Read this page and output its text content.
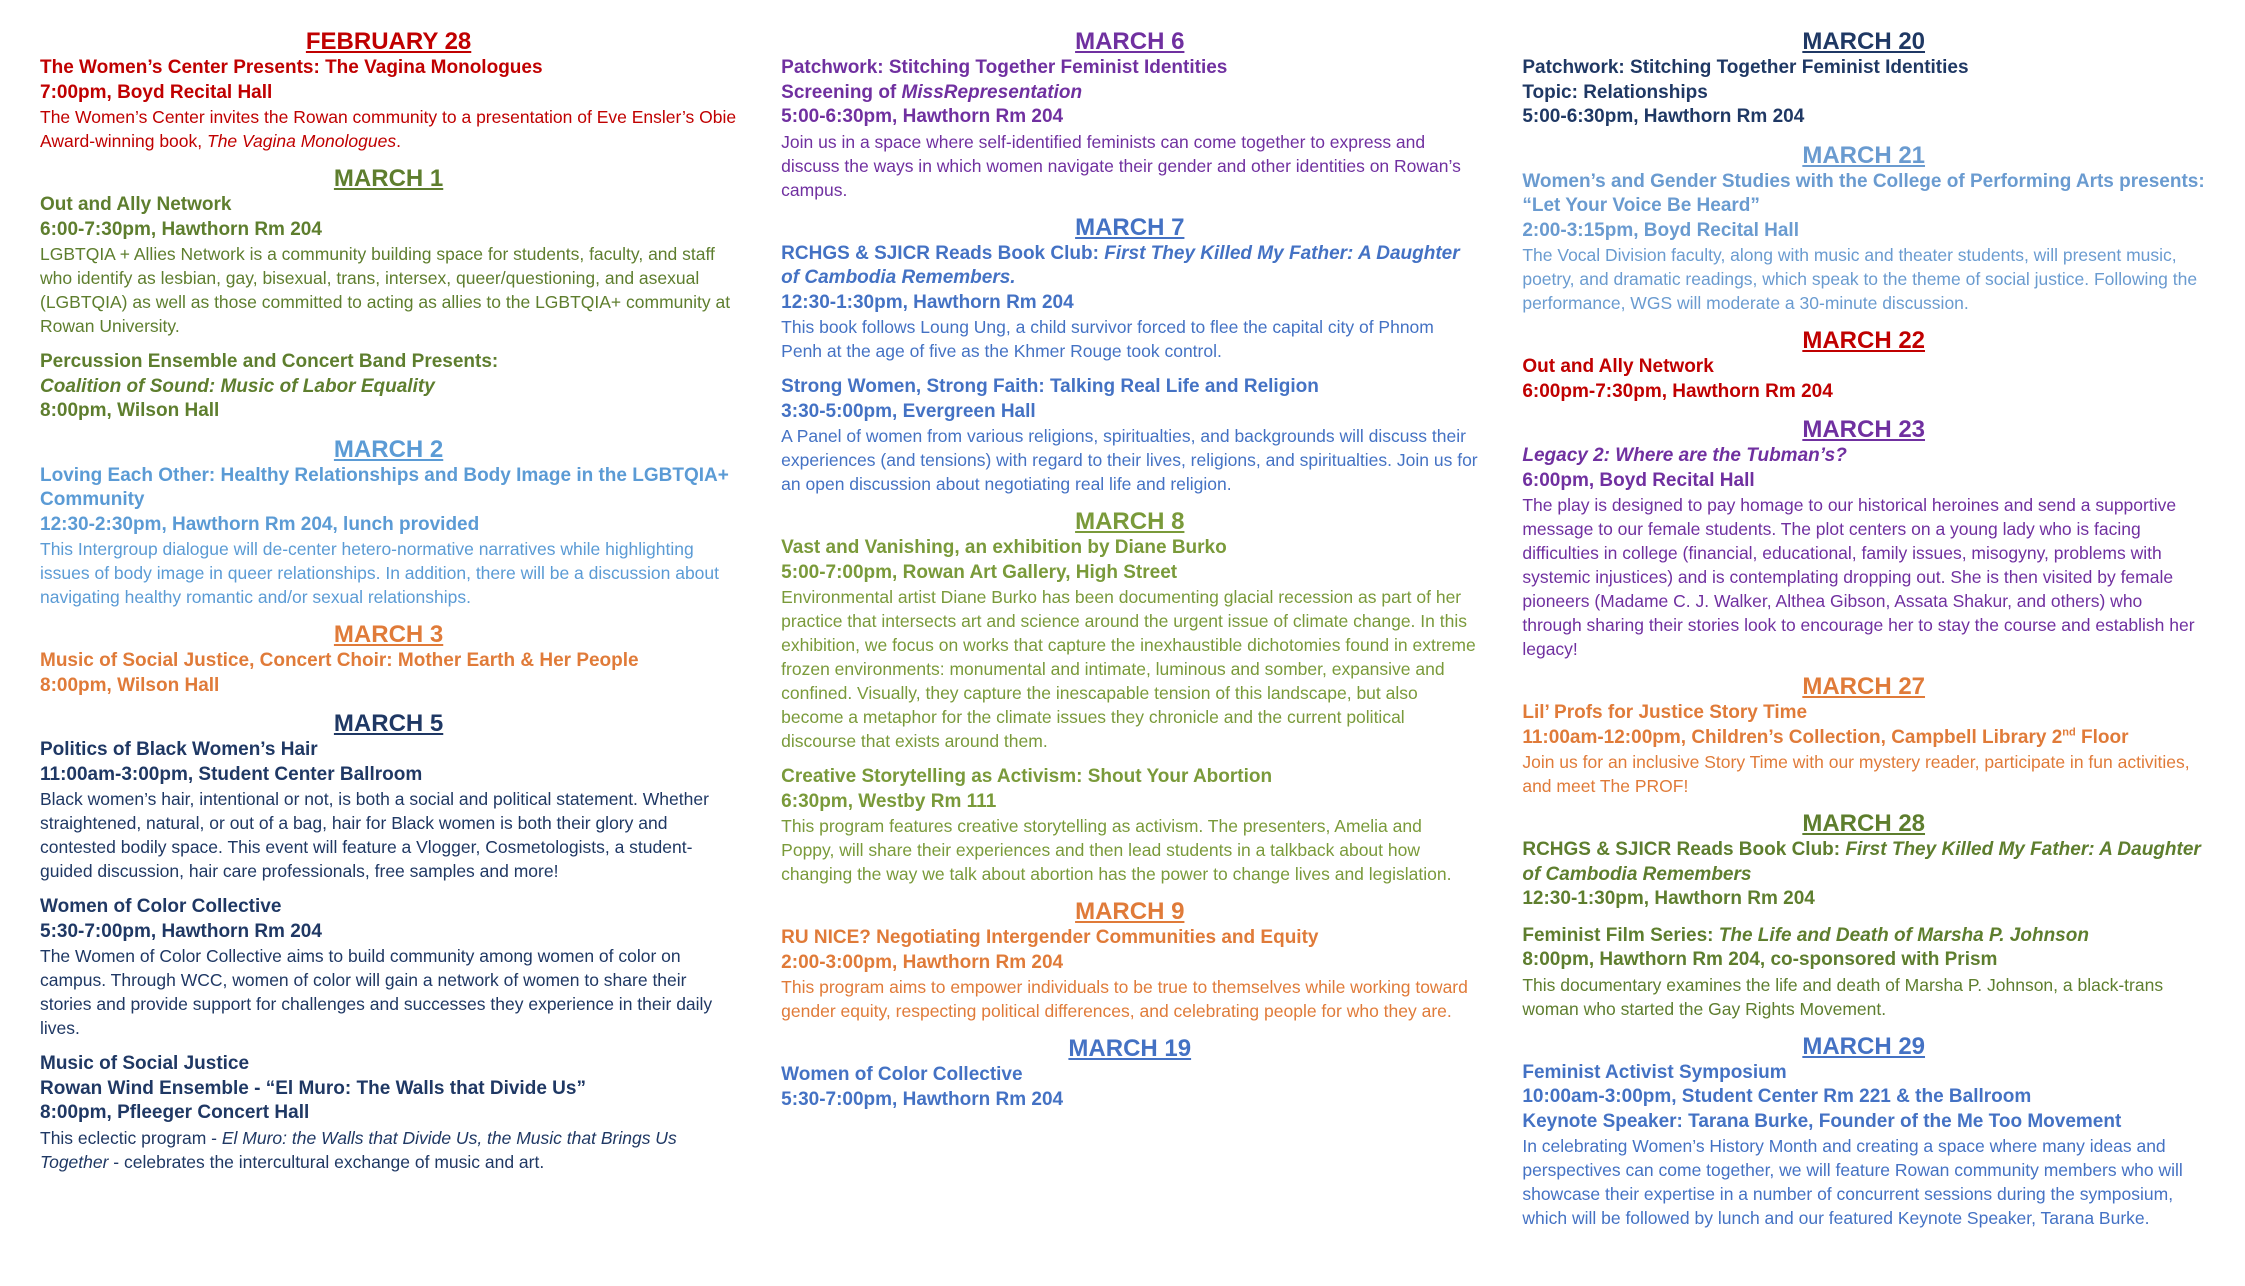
FEBRUARY 28
The Women’s Center Presents: The Vagina Monologues
7:00pm, Boyd Recital Hall
The Women’s Center invites the Rowan community to a presentation of Eve Ensler’s Obie Award-winning book, The Vagina Monologues.
MARCH 1
Out and Ally Network
6:00-7:30pm, Hawthorn Rm 204
LGBTQIA + Allies Network is a community building space for students, faculty, and staff who identify as lesbian, gay, bisexual, trans, intersex, queer/questioning, and asexual (LGBTQIA) as well as those committed to acting as allies to the LGBTQIA+ community at Rowan University.
Percussion Ensemble and Concert Band Presents:
Coalition of Sound: Music of Labor Equality
8:00pm, Wilson Hall
MARCH 2
Loving Each Other: Healthy Relationships and Body Image in the LGBTQIA+ Community
12:30-2:30pm, Hawthorn Rm 204, lunch provided
This Intergroup dialogue will de-center hetero-normative narratives while highlighting issues of body image in queer relationships. In addition, there will be a discussion about navigating healthy romantic and/or sexual relationships.
MARCH 3
Music of Social Justice, Concert Choir: Mother Earth & Her People
8:00pm, Wilson Hall
MARCH 5
Politics of Black Women’s Hair
11:00am-3:00pm, Student Center Ballroom
Black women’s hair, intentional or not, is both a social and political statement. Whether straightened, natural, or out of a bag, hair for Black women is both their glory and contested bodily space. This event will feature a Vlogger, Cosmetologists, a student-guided discussion, hair care professionals, free samples and more!
Women of Color Collective
5:30-7:00pm, Hawthorn Rm 204
The Women of Color Collective aims to build community among women of color on campus. Through WCC, women of color will gain a network of women to share their stories and provide support for challenges and successes they experience in their daily lives.
Music of Social Justice
Rowan Wind Ensemble - “El Muro: The Walls that Divide Us”
8:00pm, Pfleeger Concert Hall
This eclectic program - El Muro: the Walls that Divide Us, the Music that Brings Us Together - celebrates the intercultural exchange of music and art.
MARCH 6
Patchwork: Stitching Together Feminist Identities
Screening of MissRepresentation
5:00-6:30pm, Hawthorn Rm 204
Join us in a space where self-identified feminists can come together to express and discuss the ways in which women navigate their gender and other identities on Rowan’s campus.
MARCH 7
RCHGS & SJICR Reads Book Club: First They Killed My Father: A Daughter of Cambodia Remembers.
12:30-1:30pm, Hawthorn Rm 204
This book follows Loung Ung, a child survivor forced to flee the capital city of Phnom Penh at the age of five as the Khmer Rouge took control.
Strong Women, Strong Faith: Talking Real Life and Religion
3:30-5:00pm, Evergreen Hall
A Panel of women from various religions, spiritualties, and backgrounds will discuss their experiences (and tensions) with regard to their lives, religions, and spiritualties. Join us for an open discussion about negotiating real life and religion.
MARCH 8
Vast and Vanishing, an exhibition by Diane Burko
5:00-7:00pm, Rowan Art Gallery, High Street
Environmental artist Diane Burko has been documenting glacial recession as part of her practice that intersects art and science around the urgent issue of climate change. In this exhibition, we focus on works that capture the inexhaustible dichotomies found in extreme frozen environments: monumental and intimate, luminous and somber, expansive and confined. Visually, they capture the inescapable tension of this landscape, but also become a metaphor for the climate issues they chronicle and the current political discourse that exists around them.
Creative Storytelling as Activism: Shout Your Abortion
6:30pm, Westby Rm 111
This program features creative storytelling as activism. The presenters, Amelia and Poppy, will share their experiences and then lead students in a talkback about how changing the way we talk about abortion has the power to change lives and legislation.
MARCH 9
RU NICE? Negotiating Intergender Communities and Equity
2:00-3:00pm, Hawthorn Rm 204
This program aims to empower individuals to be true to themselves while working toward gender equity, respecting political differences, and celebrating people for who they are.
MARCH 19
Women of Color Collective
5:30-7:00pm, Hawthorn Rm 204
MARCH 20
Patchwork: Stitching Together Feminist Identities
Topic: Relationships
5:00-6:30pm, Hawthorn Rm 204
MARCH 21
Women’s and Gender Studies with the College of Performing Arts presents: “Let Your Voice Be Heard”
2:00-3:15pm, Boyd Recital Hall
The Vocal Division faculty, along with music and theater students, will present music, poetry, and dramatic readings, which speak to the theme of social justice. Following the performance, WGS will moderate a 30-minute discussion.
MARCH 22
Out and Ally Network
6:00pm-7:30pm, Hawthorn Rm 204
MARCH 23
Legacy 2: Where are the Tubman’s?
6:00pm, Boyd Recital Hall
The play is designed to pay homage to our historical heroines and send a supportive message to our female students. The plot centers on a young lady who is facing difficulties in college (financial, educational, family issues, misogyny, problems with systemic injustices) and is contemplating dropping out. She is then visited by female pioneers (Madame C. J. Walker, Althea Gibson, Assata Shakur, and others) who through sharing their stories look to encourage her to stay the course and establish her legacy!
MARCH 27
Lil’ Profs for Justice Story Time
11:00am-12:00pm, Children’s Collection, Campbell Library 2nd Floor
Join us for an inclusive Story Time with our mystery reader, participate in fun activities, and meet The PROF!
MARCH 28
RCHGS & SJICR Reads Book Club: First They Killed My Father: A Daughter of Cambodia Remembers
12:30-1:30pm, Hawthorn Rm 204
Feminist Film Series: The Life and Death of Marsha P. Johnson
8:00pm, Hawthorn Rm 204, co-sponsored with Prism
This documentary examines the life and death of Marsha P. Johnson, a black-trans woman who started the Gay Rights Movement.
MARCH 29
Feminist Activist Symposium
10:00am-3:00pm, Student Center Rm 221 & the Ballroom
Keynote Speaker: Tarana Burke, Founder of the Me Too Movement
In celebrating Women’s History Month and creating a space where many ideas and perspectives can come together, we will feature Rowan community members who will showcase their expertise in a number of concurrent sessions during the symposium, which will be followed by lunch and our featured Keynote Speaker, Tarana Burke.
